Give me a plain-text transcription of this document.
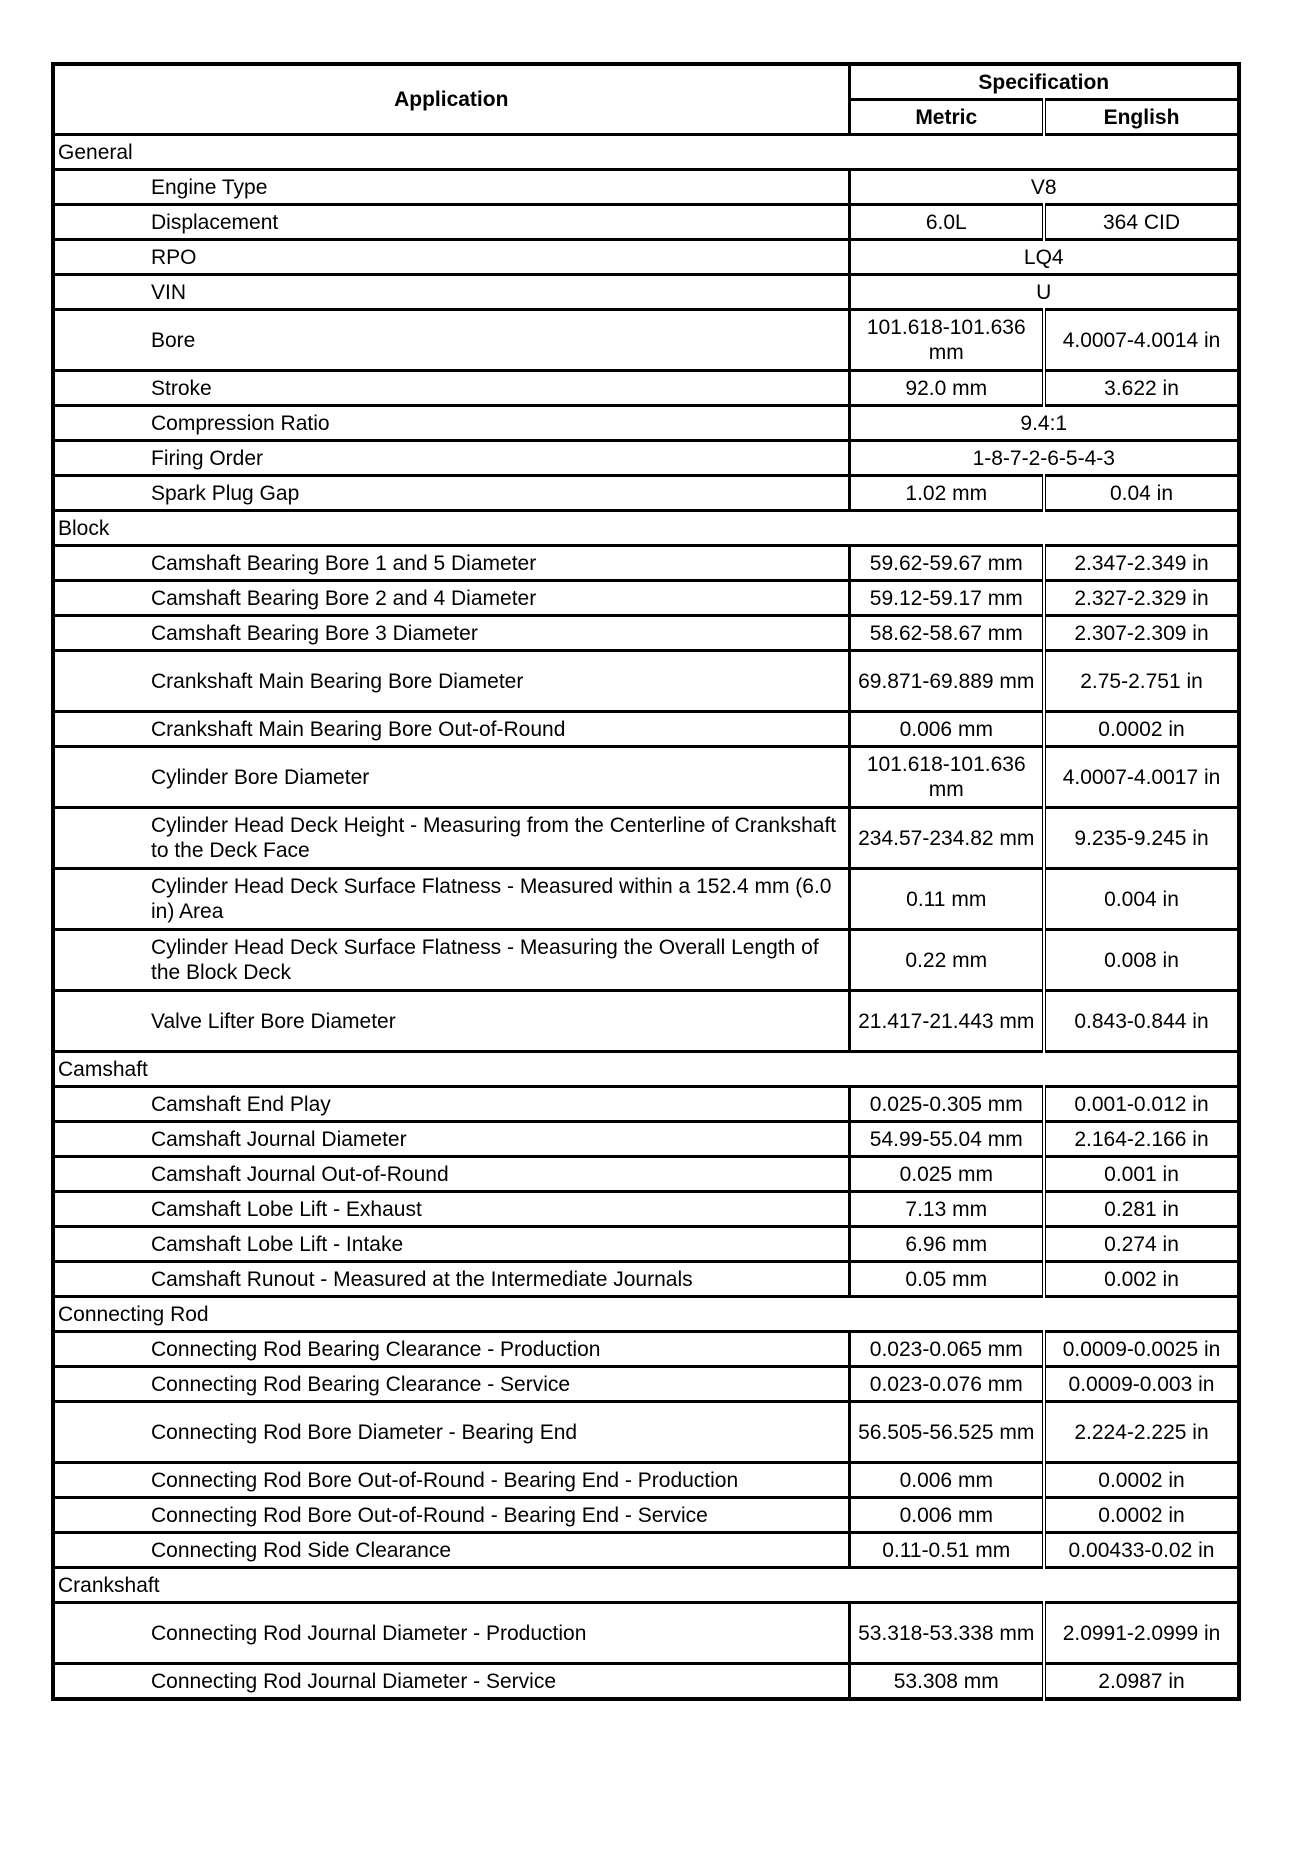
Application	Specification	
	Metric	English
General		
Engine Type	V8	
Displacement	6.0L	364 CID
RPO	LQ4	
VIN	U	
Bore	101.618-101.636 mm	4.0007-4.0014 in
Stroke	92.0 mm	3.622 in
Compression Ratio	9.4:1	
Firing Order	1-8-7-2-6-5-4-3	
Spark Plug Gap	1.02 mm	0.04 in
Block		
Camshaft Bearing Bore 1 and 5 Diameter	59.62-59.67 mm	2.347-2.349 in
Camshaft Bearing Bore 2 and 4 Diameter	59.12-59.17 mm	2.327-2.329 in
Camshaft Bearing Bore 3 Diameter	58.62-58.67 mm	2.307-2.309 in
Crankshaft Main Bearing Bore Diameter	69.871-69.889 mm	2.75-2.751 in
Crankshaft Main Bearing Bore Out-of-Round	0.006 mm	0.0002 in
Cylinder Bore Diameter	101.618-101.636 mm	4.0007-4.0017 in
Cylinder Head Deck Height - Measuring from the Centerline of Crankshaft to the Deck Face	234.57-234.82 mm	9.235-9.245 in
Cylinder Head Deck Surface Flatness - Measured within a 152.4 mm (6.0 in) Area	0.11 mm	0.004 in
Cylinder Head Deck Surface Flatness - Measuring the Overall Length of the Block Deck	0.22 mm	0.008 in
Valve Lifter Bore Diameter	21.417-21.443 mm	0.843-0.844 in
Camshaft		
Camshaft End Play	0.025-0.305 mm	0.001-0.012 in
Camshaft Journal Diameter	54.99-55.04 mm	2.164-2.166 in
Camshaft Journal Out-of-Round	0.025 mm	0.001 in
Camshaft Lobe Lift - Exhaust	7.13 mm	0.281 in
Camshaft Lobe Lift - Intake	6.96 mm	0.274 in
Camshaft Runout - Measured at the Intermediate Journals	0.05 mm	0.002 in
Connecting Rod		
Connecting Rod Bearing Clearance - Production	0.023-0.065 mm	0.0009-0.0025 in
Connecting Rod Bearing Clearance - Service	0.023-0.076 mm	0.0009-0.003 in
Connecting Rod Bore Diameter - Bearing End	56.505-56.525 mm	2.224-2.225 in
Connecting Rod Bore Out-of-Round - Bearing End - Production	0.006 mm	0.0002 in
Connecting Rod Bore Out-of-Round - Bearing End - Service	0.006 mm	0.0002 in
Connecting Rod Side Clearance	0.11-0.51 mm	0.00433-0.02 in
Crankshaft		
Connecting Rod Journal Diameter - Production	53.318-53.338 mm	2.0991-2.0999 in
Connecting Rod Journal Diameter - Service	53.308 mm	2.0987 in
